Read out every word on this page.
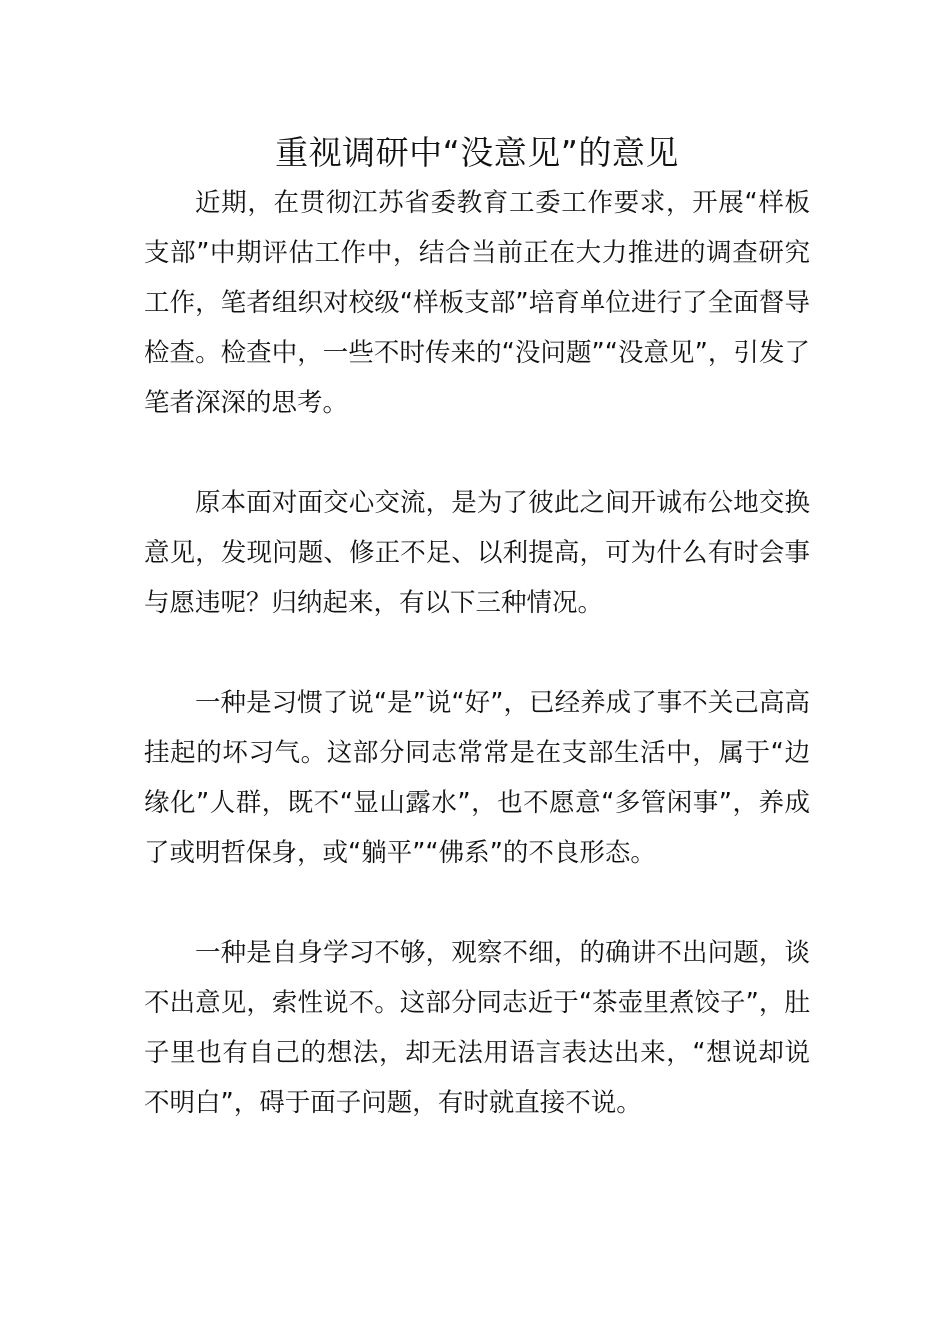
重视调研中“没意见”的意见

近期，在贯彻江苏省委教育工委工作要求，开展“样板支部”中期评估工作中，结合当前正在大力推进的调查研究工作，笔者组织对校级“样板支部”培育单位进行了全面督导检查。检查中，一些不时传来的“没问题”“没意见”，引发了笔者深深的思考。

原本面对面交心交流，是为了彼此之间开诚布公地交换意见，发现问题、修正不足、以利提高，可为什么有时会事与愿违呢？归纳起来，有以下三种情况。

一种是习惯了说“是”说“好”，已经养成了事不关己高高挂起的坏习气。这部分同志常常是在支部生活中，属于“边缘化”人群，既不“显山露水”，也不愿意“多管闲事”，养成了或明哲保身，或“躺平”“佛系”的不良形态。

一种是自身学习不够，观察不细，的确讲不出问题，谈不出意见，索性说不。这部分同志近于“茶壶里煮饺子”，肚子里也有自己的想法，却无法用语言表达出来，“想说却说不明白”，碍于面子问题，有时就直接不说。
